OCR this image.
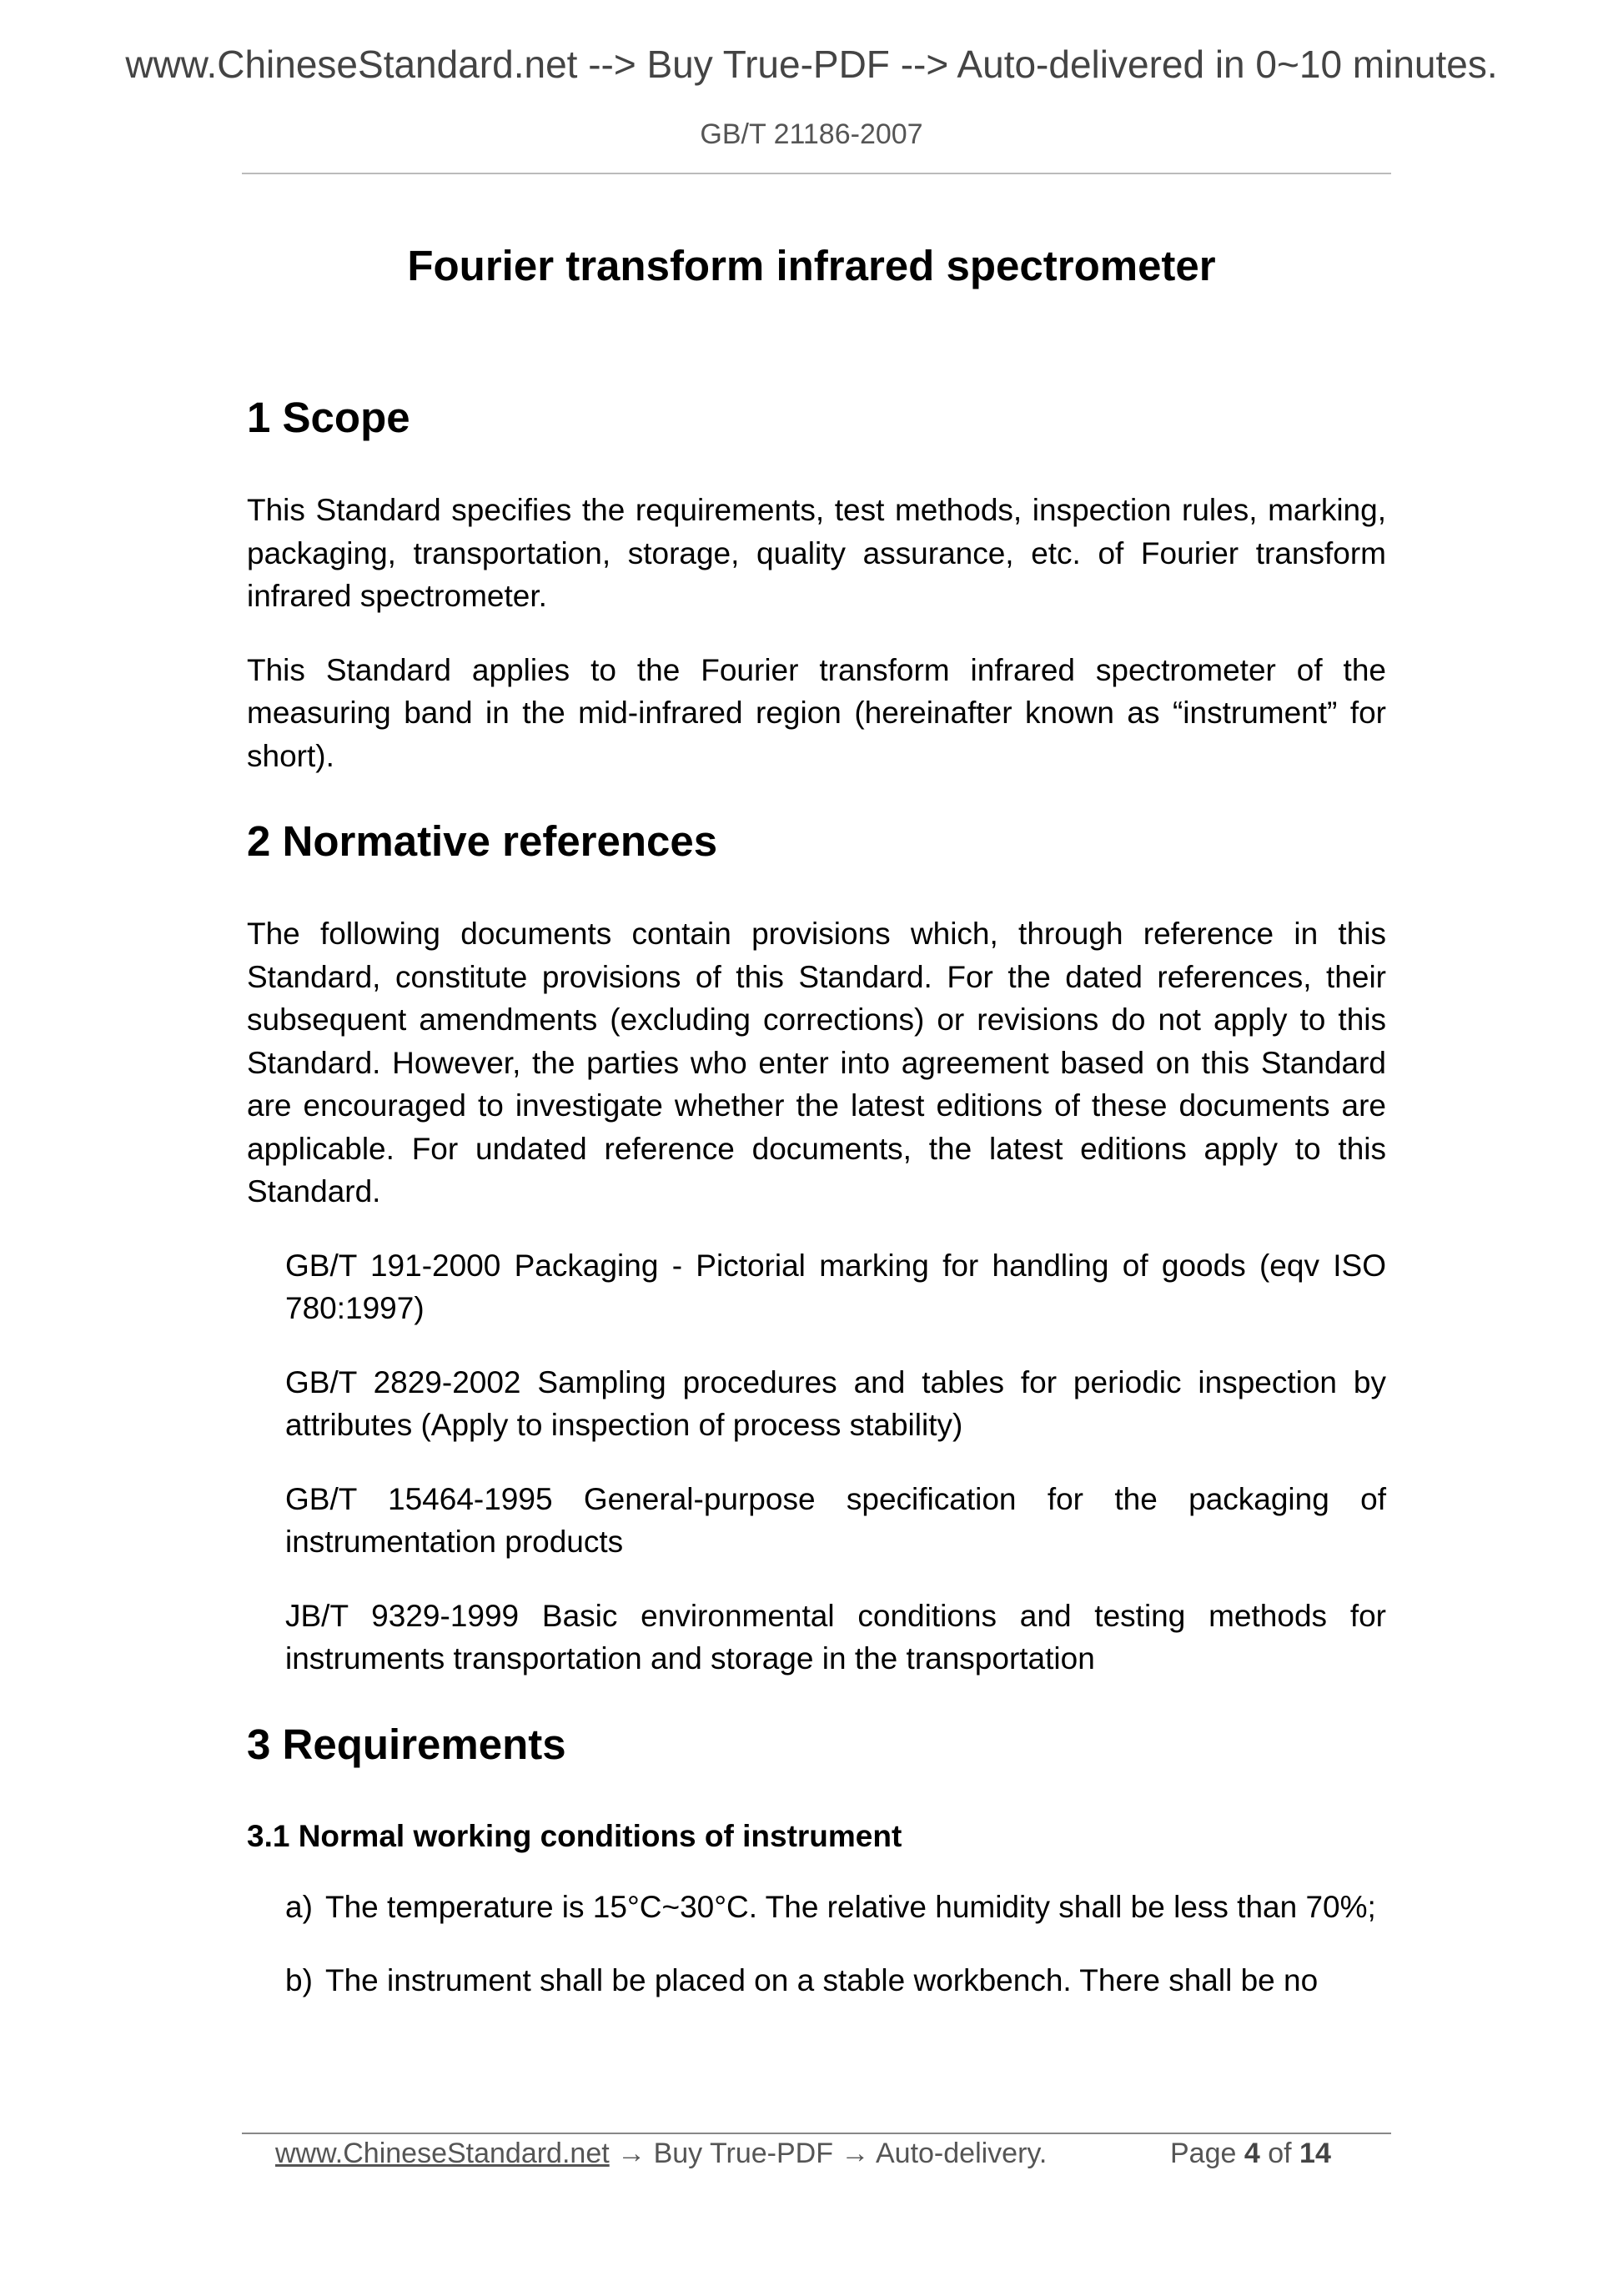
www.ChineseStandard.net --> Buy True-PDF --> Auto-delivered in 0~10 minutes.
GB/T 21186-2007
Fourier transform infrared spectrometer
1 Scope

This Standard specifies the requirements, test methods, inspection rules, marking, packaging, transportation, storage, quality assurance, etc. of Fourier transform infrared spectrometer.

This Standard applies to the Fourier transform infrared spectrometer of the measuring band in the mid-infrared region (hereinafter known as “instrument” for short).

2 Normative references

The following documents contain provisions which, through reference in this Standard, constitute provisions of this Standard. For the dated references, their subsequent amendments (excluding corrections) or revisions do not apply to this Standard. However, the parties who enter into agreement based on this Standard are encouraged to investigate whether the latest editions of these documents are applicable. For undated reference documents, the latest editions apply to this Standard.

GB/T 191-2000 Packaging - Pictorial marking for handling of goods (eqv ISO 780:1997)

GB/T 2829-2002 Sampling procedures and tables for periodic inspection by attributes (Apply to inspection of process stability)

GB/T 15464-1995 General-purpose specification for the packaging of instrumentation products

JB/T 9329-1999 Basic environmental conditions and testing methods for instruments transportation and storage in the transportation

3 Requirements
3.1 Normal working conditions of instrument
a) The temperature is 15°C~30°C. The relative humidity shall be less than 70%;
b) The instrument shall be placed on a stable workbench. There shall be no
www.ChineseStandard.net → Buy True-PDF → Auto-delivery.	Page 4 of 14
